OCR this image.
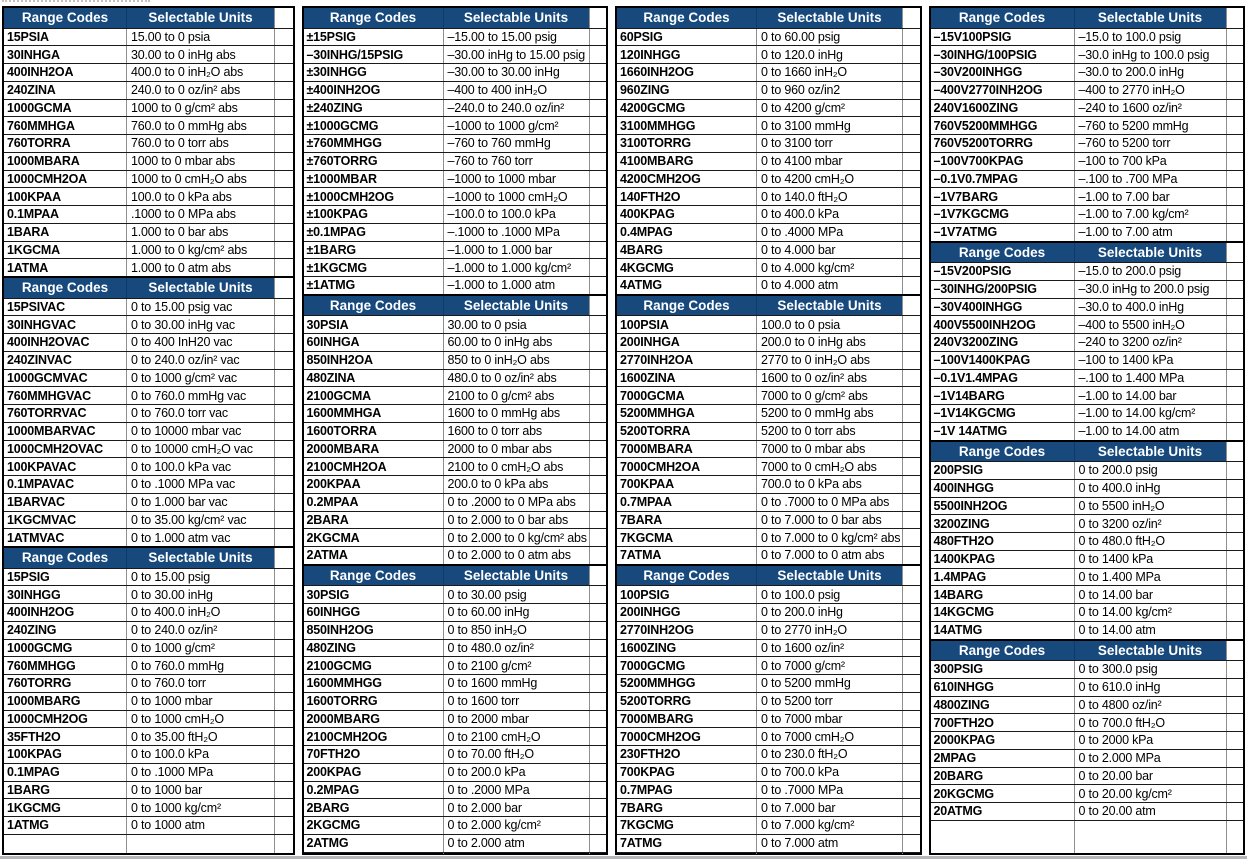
Range Codes	Selectable Units
15PSIA	15.00 to 0 psia
30INHGA	30.00 to 0 inHg abs
400INH2OA	400.0 to 0 inH₂O abs
240ZINA	240.0 to 0 oz/in² abs
1000GCMA	1000 to 0 g/cm² abs
760MMHGA	760.0 to 0 mmHg abs
760TORRA	760.0 to 0 torr abs
1000MBARA	1000 to 0 mbar abs
1000CMH2OA	1000 to 0 cmH₂O abs
100KPAA	100.0 to 0 kPa abs
0.1MPAA	.1000 to 0 MPa abs
1BARA	1.000 to 0 bar abs
1KGCMA	1.000 to 0 kg/cm² abs
1ATMA	1.000 to 0 atm abs
Range Codes	Selectable Units
15PSIVAC	0 to 15.00 psig vac
30INHGVAC	0 to 30.00 inHg vac
400INH2OVAC	0 to 400 InH20 vac
240ZINVAC	0 to 240.0 oz/in² vac
1000GCMVAC	0 to 1000 g/cm² vac
760MMHGVAC	0 to 760.0 mmHg vac
760TORRVAC	0 to 760.0 torr vac
1000MBARVAC	0 to 10000 mbar vac
1000CMH2OVAC	0 to 10000 cmH₂O vac
100KPAVAC	0 to 100.0 kPa vac
0.1MPAVAC	0 to .1000 MPa vac
1BARVAC	0 to 1.000 bar vac
1KGCMVAC	0 to 35.00 kg/cm² vac
1ATMVAC	0 to 1.000 atm vac
Range Codes	Selectable Units
15PSIG	0 to 15.00 psig
30INHGG	0 to 30.00 inHg
400INH2OG	0 to 400.0 inH₂O
240ZING	0 to 240.0 oz/in²
1000GCMG	0 to 1000 g/cm²
760MMHGG	0 to 760.0 mmHg
760TORRG	0 to 760.0 torr
1000MBARG	0 to 1000 mbar
1000CMH2OG	0 to 1000 cmH₂O
35FTH2O	0 to 35.00 ftH₂O
100KPAG	0 to 100.0 kPa
0.1MPAG	0 to .1000 MPa
1BARG	0 to 1000 bar
1KGCMG	0 to 1000 kg/cm²
1ATMG	0 to 1000 atm
Range Codes	Selectable Units
±15PSIG	–15.00 to 15.00 psig
–30INHG/15PSIG	–30.00 inHg to 15.00 psig
±30INHGG	–30.00 to 30.00 inHg
±400INH2OG	–400 to 400 inH₂O
±240ZING	–240.0 to 240.0 oz/in²
±1000GCMG	–1000 to 1000 g/cm²
±760MMHGG	–760 to 760 mmHg
±760TORRG	–760 to 760 torr
±1000MBAR	–1000 to 1000 mbar
±1000CMH2OG	–1000 to 1000 cmH₂O
±100KPAG	–100.0 to 100.0 kPa
±0.1MPAG	–.1000 to .1000 MPa
±1BARG	–1.000 to 1.000 bar
±1KGCMG	–1.000 to 1.000 kg/cm²
±1ATMG	–1.000 to 1.000 atm
Range Codes	Selectable Units
30PSIA	30.00 to 0 psia
60INHGA	60.00 to 0 inHg abs
850INH2OA	850 to 0 inH₂O abs
480ZINA	480.0 to 0 oz/in² abs
2100GCMA	2100 to 0 g/cm² abs
1600MMHGA	1600 to 0 mmHg abs
1600TORRA	1600 to 0 torr abs
2000MBARA	2000 to 0 mbar abs
2100CMH2OA	2100 to 0 cmH₂O abs
200KPAA	200.0 to 0 kPa abs
0.2MPAA	0 to .2000 to 0 MPa abs
2BARA	0 to 2.000 to 0 bar abs
2KGCMA	0 to 2.000 to 0 kg/cm² abs
2ATMA	0 to 2.000 to 0 atm abs
Range Codes	Selectable Units
30PSIG	0 to 30.00 psig
60INHGG	0 to 60.00 inHg
850INH2OG	0 to 850 inH₂O
480ZING	0 to 480.0 oz/in²
2100GCMG	0 to 2100 g/cm²
1600MMHGG	0 to 1600 mmHg
1600TORRG	0 to 1600 torr
2000MBARG	0 to 2000 mbar
2100CMH2OG	0 to 2100 cmH₂O
70FTH2O	0 to 70.00 ftH₂O
200KPAG	0 to 200.0 kPa
0.2MPAG	0 to .2000 MPa
2BARG	0 to 2.000 bar
2KGCMG	0 to 2.000 kg/cm²
2ATMG	0 to 2.000 atm
Range Codes	Selectable Units
60PSIG	0 to 60.00 psig
120INHGG	0 to 120.0 inHg
1660INH2OG	0 to 1660 inH₂O
960ZING	0 to 960 oz/in2
4200GCMG	0 to 4200 g/cm²
3100MMHGG	0 to 3100 mmHg
3100TORRG	0 to 3100 torr
4100MBARG	0 to 4100 mbar
4200CMH2OG	0 to 4200 cmH₂O
140FTH2O	0 to 140.0 ftH₂O
400KPAG	0 to 400.0 kPa
0.4MPAG	0 to .4000 MPa
4BARG	0 to 4.000 bar
4KGCMG	0 to 4.000 kg/cm²
4ATMG	0 to 4.000 atm
Range Codes	Selectable Units
100PSIA	100.0 to 0 psia
200INHGA	200.0 to 0 inHg abs
2770INH2OA	2770 to 0 inH₂O abs
1600ZINA	1600 to 0 oz/in² abs
7000GCMA	7000 to 0 g/cm² abs
5200MMHGA	5200 to 0 mmHg abs
5200TORRA	5200 to 0 torr abs
7000MBARA	7000 to 0 mbar abs
7000CMH2OA	7000 to 0 cmH₂O abs
700KPAA	700.0 to 0 kPa abs
0.7MPAA	0 to .7000 to 0 MPa abs
7BARA	0 to 7.000 to 0 bar abs
7KGCMA	0 to 7.000 to 0 kg/cm² abs
7ATMA	0 to 7.000 to 0 atm abs
Range Codes	Selectable Units
100PSIG	0 to 100.0 psig
200INHGG	0 to 200.0 inHg
2770INH2OG	0 to 2770 inH₂O
1600ZING	0 to 1600 oz/in²
7000GCMG	0 to 7000 g/cm²
5200MMHGG	0 to 5200 mmHg
5200TORRG	0 to 5200 torr
7000MBARG	0 to 7000 mbar
7000CMH2OG	0 to 7000 cmH₂O
230FTH2O	0 to 230.0 ftH₂O
700KPAG	0 to 700.0 kPa
0.7MPAG	0 to .7000 MPa
7BARG	0 to 7.000 bar
7KGCMG	0 to 7.000 kg/cm²
7ATMG	0 to 7.000 atm
Range Codes	Selectable Units
–15V100PSIG	–15.0 to 100.0 psig
–30INHG/100PSIG	–30.0 inHg to 100.0 psig
–30V200INHGG	–30.0 to 200.0 inHg
–400V2770INH2OG	–400 to 2770 inH₂O
240V1600ZING	–240 to 1600 oz/in²
760V5200MMHGG	–760 to 5200 mmHg
760V5200TORRG	–760 to 5200 torr
–100V700KPAG	–100 to 700 kPa
–0.1V0.7MPAG	–.100 to .700 MPa
–1V7BARG	–1.00 to 7.00 bar
–1V7KGCMG	–1.00 to 7.00 kg/cm²
–1V7ATMG	–1.00 to 7.00 atm
Range Codes	Selectable Units
–15V200PSIG	–15.0 to 200.0 psig
–30INHG/200PSIG	–30.0 inHg to 200.0 psig
–30V400INHGG	–30.0 to 400.0 inHg
400V5500INH2OG	–400 to 5500 inH₂O
240V3200ZING	–240 to 3200 oz/in²
–100V1400KPAG	–100 to 1400 kPa
–0.1V1.4MPAG	–.100 to 1.400 MPa
–1V14BARG	–1.00 to 14.00 bar
–1V14KGCMG	–1.00 to 14.00 kg/cm²
–1V 14ATMG	–1.00 to 14.00 atm
Range Codes	Selectable Units
200PSIG	0 to 200.0 psig
400INHGG	0 to 400.0 inHg
5500INH2OG	0 to 5500 inH₂O
3200ZING	0 to 3200 oz/in²
480FTH2O	0 to 480.0 ftH₂O
1400KPAG	0 to 1400 kPa
1.4MPAG	0 to 1.400 MPa
14BARG	0 to 14.00 bar
14KGCMG	0 to 14.00 kg/cm²
14ATMG	0 to 14.00 atm
Range Codes	Selectable Units
300PSIG	0 to 300.0 psig
610INHGG	0 to 610.0 inHg
4800ZING	0 to 4800 oz/in²
700FTH2O	0 to 700.0 ftH₂O
2000KPAG	0 to 2000 kPa
2MPAG	0 to 2.000 MPa
20BARG	0 to 20.00 bar
20KGCMG	0 to 20.00 kg/cm²
20ATMG	0 to 20.00 atm
